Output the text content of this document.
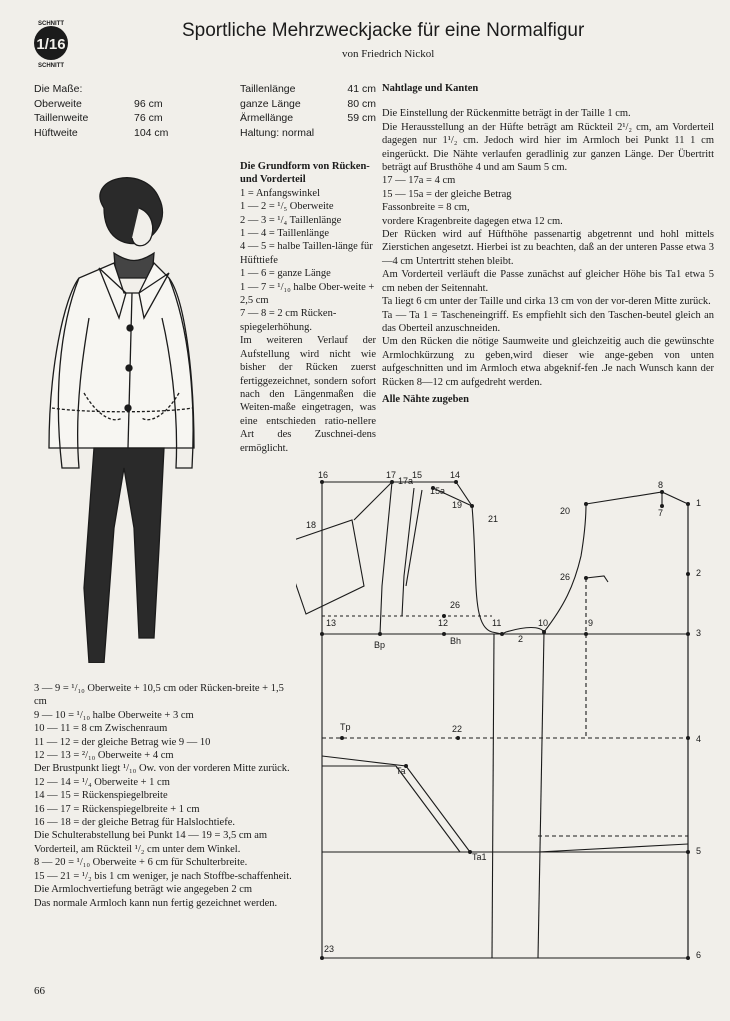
1/16
SCHNITT
SCHNITT
Sportliche Mehrzweckjacke für eine Normalfigur
von Friedrich Nickol
Die Maße:
Oberweite	96 cm
Taillenweite	76 cm
Hüftweite	104 cm
Taillenlänge	41 cm
ganze Länge	80 cm
Ärmellänge	59 cm
Haltung: normal
Die Grundform von Rücken- und Vorderteil
1 = Anfangswinkel
1 — 2 = ¹/₅ Oberweite
2 — 3 = ¹/₄ Taillenlänge
1 — 4 = Taillenlänge
4 — 5 = halbe Taillen-länge für Hüfttiefe
1 — 6 = ganze Länge
1 — 7 = ¹/₁₀ halbe Ober-weite + 2,5 cm
7 — 8 = 2 cm Rücken-spiegelerhöhung.
Im weiteren Verlauf der Aufstellung wird nicht wie bisher der Rücken zuerst fertiggezeichnet, sondern sofort nach den Längenmaßen die Weiten-maße eingetragen, was eine entschieden ratio-nellere Art des Zuschnei-dens ermöglicht.

Nahtlage und Kanten

Die Einstellung der Rückenmitte beträgt in der Taille 1 cm.

Die Herausstellung an der Hüfte beträgt am Rückteil 2¹/₂ cm, am Vorderteil dagegen nur 1¹/₂ cm. Jedoch wird hier im Armloch bei Punkt 11 1 cm eingerückt. Die Nähte verlaufen geradlinig zur ganzen Länge. Der Übertritt beträgt auf Brusthöhe 4 und am Saum 5 cm.

17 — 17a = 4 cm

15 — 15a = der gleiche Betrag

Fassonbreite = 8 cm,

vordere Kragenbreite dagegen etwa 12 cm.

Der Rücken wird auf Hüfthöhe passenartig abgetrennt und hohl mittels Zierstichen angesetzt. Hierbei ist zu beachten, daß an der unteren Passe etwa 3—4 cm Untertritt stehen bleibt.

Am Vorderteil verläuft die Passe zunächst auf gleicher Höhe bis Ta1 etwa 5 cm neben der Seitennaht.

Ta liegt 6 cm unter der Taille und cirka 13 cm von der vor-deren Mitte zurück.

Ta — Ta 1 = Tascheneingriff. Es empfiehlt sich den Taschen-beutel gleich an das Oberteil anzuschneiden.

Um den Rücken die nötige Saumweite und gleichzeitig auch die gewünschte Armlochkürzung zu geben,wird dieser wie ange-geben von unten aufgeschnitten und im Armloch etwa abgeknif-fen .Je nach Wunsch kann der Rücken 8—12 cm aufgedreht werden.

Alle Nähte zugeben

3 — 9 = ¹/₁₀ Oberweite + 10,5 cm oder Rücken-breite + 1,5 cm
9 — 10 = ¹/₁₀ halbe Oberweite + 3 cm
10 — 11 = 8 cm Zwischenraum
11 — 12 = der gleiche Betrag wie 9 — 10
12 — 13 = ²/₁₀ Oberweite + 4 cm
Der Brustpunkt liegt ¹/₁₀ Ow. von der vorderen Mitte zurück.
12 — 14 = ¹/₄ Oberweite + 1 cm
14 — 15 = Rückenspiegelbreite
16 — 17 = Rückenspiegelbreite + 1 cm
16 — 18 = der gleiche Betrag für Halslochtiefe.
Die Schulterabstellung bei Punkt 14 — 19 = 3,5 cm am Vorderteil, am Rückteil ¹/₂ cm unter dem Winkel.
8 — 20 = ¹/₁₀ Oberweite + 6 cm für Schulterbreite.
15 — 21 = ¹/₂ bis 1 cm weniger, je nach Stoffbe-schaffenheit.
Die Armlochvertiefung beträgt wie angegeben 2 cm
Das normale Armloch kann nun fertig gezeichnet werden.
16	17
17a
15	14
15a
19
21
18
8
1
20	7
2
2
26
26
13	12	11	10	9
3
Bp	Bh
Tp	22
4
Ta
Ta1
5
23
6
66
